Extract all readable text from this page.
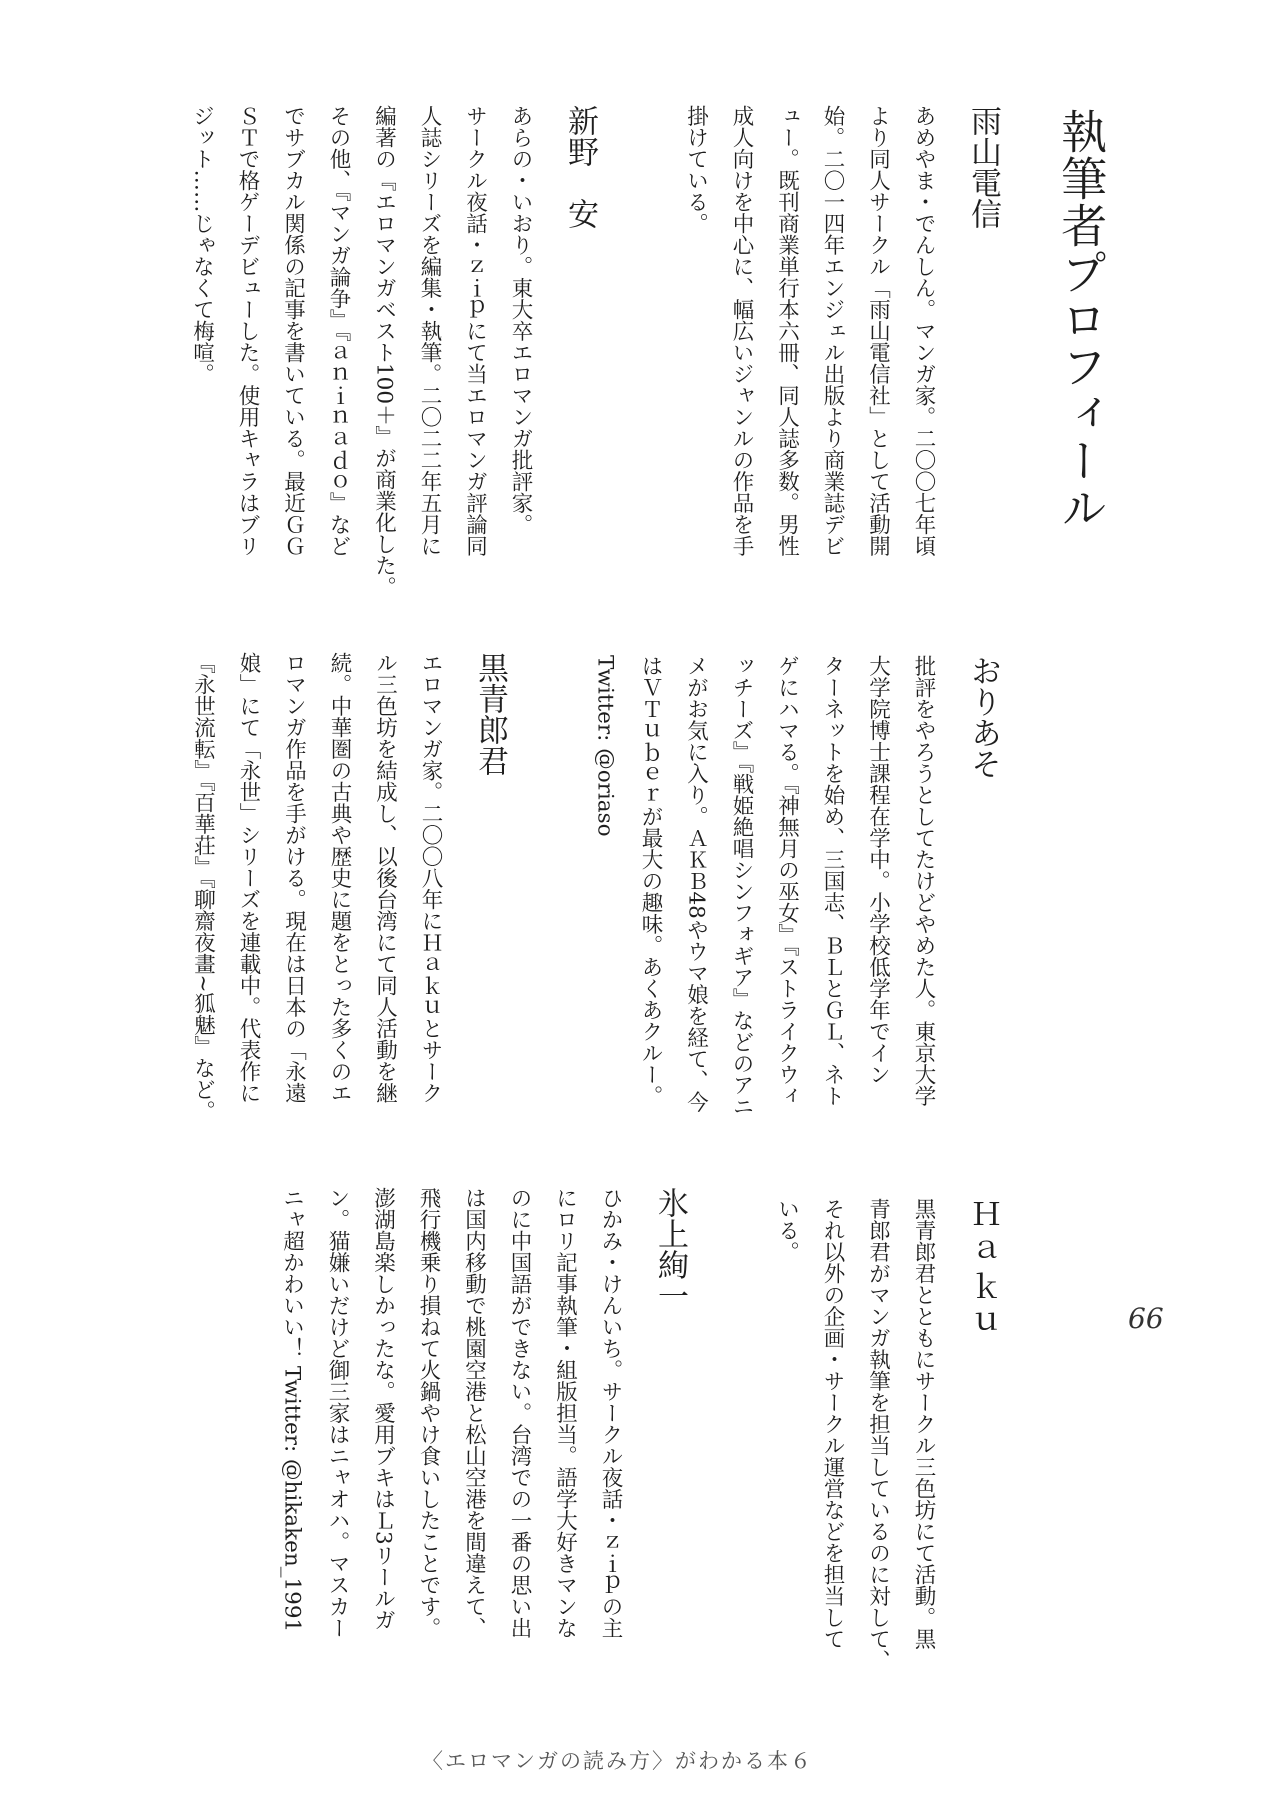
執筆者プロフィール
雨山電信
あめやま・でんしん。マンガ家。二〇〇七年頃
より同人サークル「雨山電信社」として活動開
始。二〇一四年エンジェル出版より商業誌デビ
ュー。既刊商業単行本六冊、同人誌多数。男性
成人向けを中心に、幅広いジャンルの作品を手
掛けている。
新野　安
あらの・いおり。東大卒エロマンガ批評家。
サークル夜話・ｚｉｐにて当エロマンガ評論同
人誌シリーズを編集・執筆。二〇二二年五月に
編著の『エロマンガベスト100＋』が商業化した。
その他、『マンガ論争』『ａｎｉｎａｄｏ』など
でサブカル関係の記事を書いている。最近ＧＧ
ＳＴで格ゲーデビューした。使用キャラはブリ
ジット……じゃなくて梅喧。
おりあそ
批評をやろうとしてたけどやめた人。東京大学
大学院博士課程在学中。小学校低学年でイン
ターネットを始め、三国志、ＢＬとＧＬ、ネト
ゲにハマる。『神無月の巫女』『ストライクウィ
ッチーズ』『戦姫絶唱シンフォギア』などのアニ
メがお気に入り。ＡＫＢ48やウマ娘を経て、今
はＶＴｕｂｅｒが最大の趣味。あくあクルー。
Twitter: @oriaso
黒青郎君
エロマンガ家。二〇〇八年にＨａｋｕとサーク
ル三色坊を結成し、以後台湾にて同人活動を継
続。中華圏の古典や歴史に題をとった多くのエ
ロマンガ作品を手がける。現在は日本の「永遠
娘」にて「永世」シリーズを連載中。代表作に
『永世流転』『百華荘』『聊齋夜畫~狐魅』など。
Ｈａｋｕ
黒青郎君とともにサークル三色坊にて活動。黒
青郎君がマンガ執筆を担当しているのに対して、
それ以外の企画・サークル運営などを担当して
いる。
氷上絢一
ひかみ・けんいち。サークル夜話・ｚｉｐの主
にロリ記事執筆・組版担当。語学大好きマンな
のに中国語ができない。台湾での一番の思い出
は国内移動で桃園空港と松山空港を間違えて、
飛行機乗り損ねて火鍋やけ食いしたことです。
澎湖島楽しかったな。愛用ブキはＬ3リールガ
ン。猫嫌いだけど御三家はニャオハ。マスカー
ニャ超かわいい！ Twitter: @hikaken_1991	66
〈エロマンガの読み方〉がわかる本６
